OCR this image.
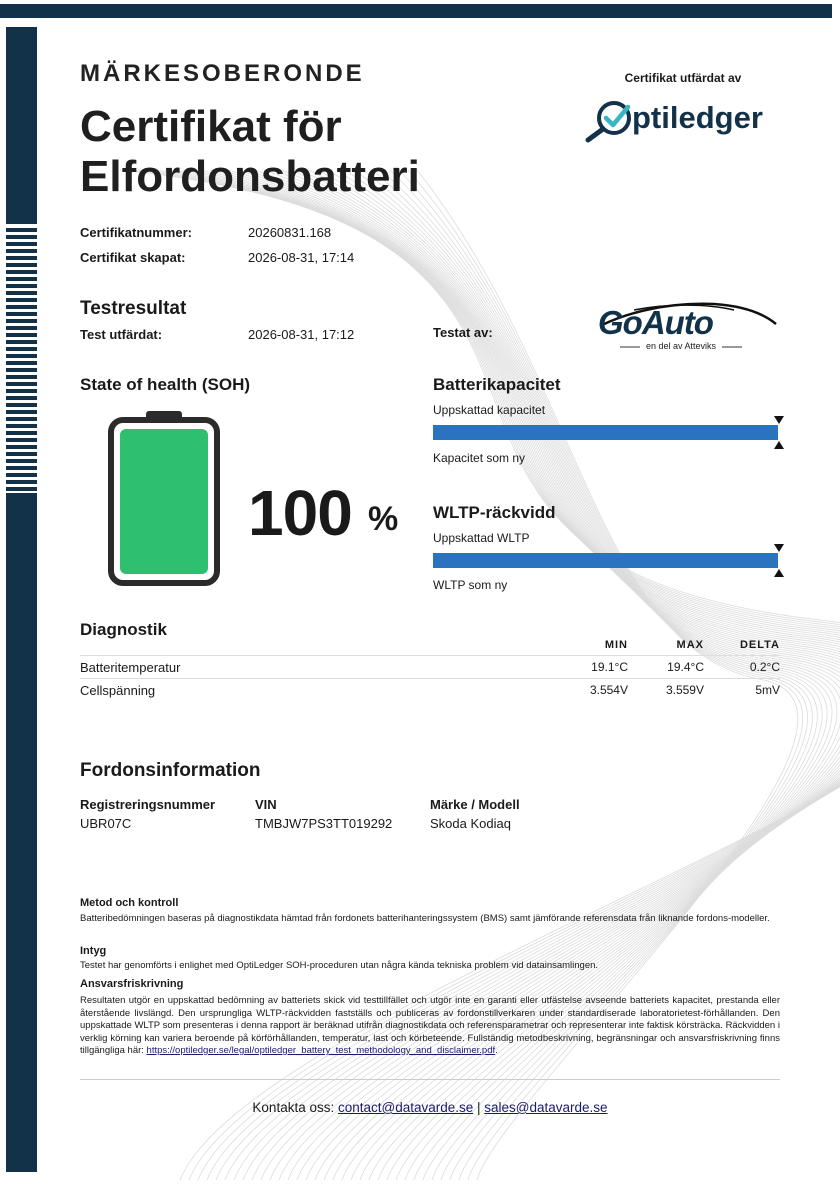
MÄRKESOBERONDE
Certifikat för Elfordonsbatteri
Certifikat utfärdat av
ptiledger
Certifikatnummer:	20260831.168
Certifikat skapat:	2026-08-31, 17:14
Testresultat
Test utfärdat:	2026-08-31, 17:12	Testat av:	GoAuto
en del av Atteviks
State of health (SOH)
100 %
Batterikapacitet
Uppskattad kapacitet
Kapacitet som ny
WLTP-räckvidd
Uppskattad WLTP
WLTP som ny
Diagnostik
MIN	MAX	DELTA
Batteritemperatur	19.1°C	19.4°C	0.2°C
Cellspänning	3.554V	3.559V	5mV
Fordonsinformation
Registreringsnummer
UBR07C
VIN
TMBJW7PS3TT019292
Märke / Modell
Skoda Kodiaq
Metod och kontroll
Batteribedömningen baseras på diagnostikdata hämtad från fordonets batterihanteringssystem (BMS) samt jämförande referensdata från liknande fordons-modeller.
Intyg
Testet har genomförts i enlighet med OptiLedger SOH-proceduren utan några kända tekniska problem vid datainsamlingen.
Ansvarsfriskrivning
Resultaten utgör en uppskattad bedömning av batteriets skick vid testtillfället och utgör inte en garanti eller utfästelse avseende batteriets kapacitet, prestanda eller återstående livslängd. Den ursprungliga WLTP-räckvidden fastställs och publiceras av fordonstillverkaren under standardiserade laboratorietest-förhållanden. Den uppskattade WLTP som presenteras i denna rapport är beräknad utifrån diagnostikdata och referensparametrar och representerar inte faktisk körsträcka. Räckvidden i verklig körning kan variera beroende på körförhållanden, temperatur, last och körbeteende. Fullständig metodbeskrivning, begränsningar och ansvarsfriskrivning finns tillgängliga här: https://optiledger.se/legal/optiledger_battery_test_methodology_and_disclaimer.pdf.
Kontakta oss: contact@datavarde.se | sales@datavarde.se
